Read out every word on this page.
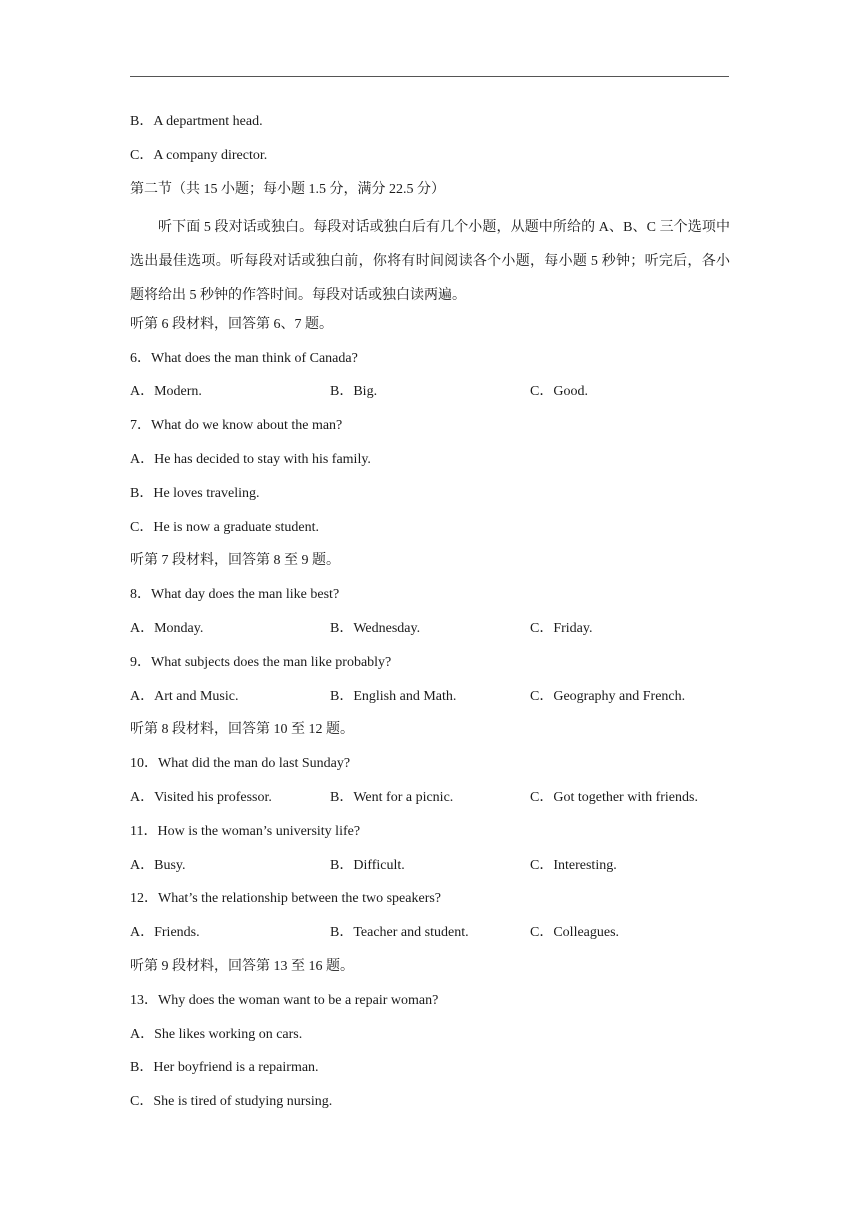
B．A department head.
C．A company director.
第二节（共 15 小题；每小题 1.5 分，满分 22.5 分）

听下面 5 段对话或独白。每段对话或独白后有几个小题，从题中所给的 A、B、C 三个选项中选出最佳选项。听每段对话或独白前，你将有时间阅读各个小题，每小题 5 秒钟；听完后，各小题将给出 5 秒钟的作答时间。每段对话或独白读两遍。

听第 6 段材料，回答第 6、7 题。
6．What does the man think of Canada?
A．Modern.	B．Big.	C．Good.
7．What do we know about the man?
A．He has decided to stay with his family.
B．He loves traveling.
C．He is now a graduate student.
听第 7 段材料，回答第 8 至 9 题。
8．What day does the man like best?
A．Monday.	B．Wednesday.	C．Friday.
9．What subjects does the man like probably?
A．Art and Music.	B．English and Math.	C．Geography and French.
听第 8 段材料，回答第 10 至 12 题。
10．What did the man do last Sunday?
A．Visited his professor.	B．Went for a picnic.	C．Got together with friends.
11．How is the woman’s university life?
A．Busy.	B．Difficult.	C．Interesting.
12．What’s the relationship between the two speakers?
A．Friends.	B．Teacher and student.	C．Colleagues.
听第 9 段材料，回答第 13 至 16 题。
13．Why does the woman want to be a repair woman?
A．She likes working on cars.
B．Her boyfriend is a repairman.
C．She is tired of studying nursing.
